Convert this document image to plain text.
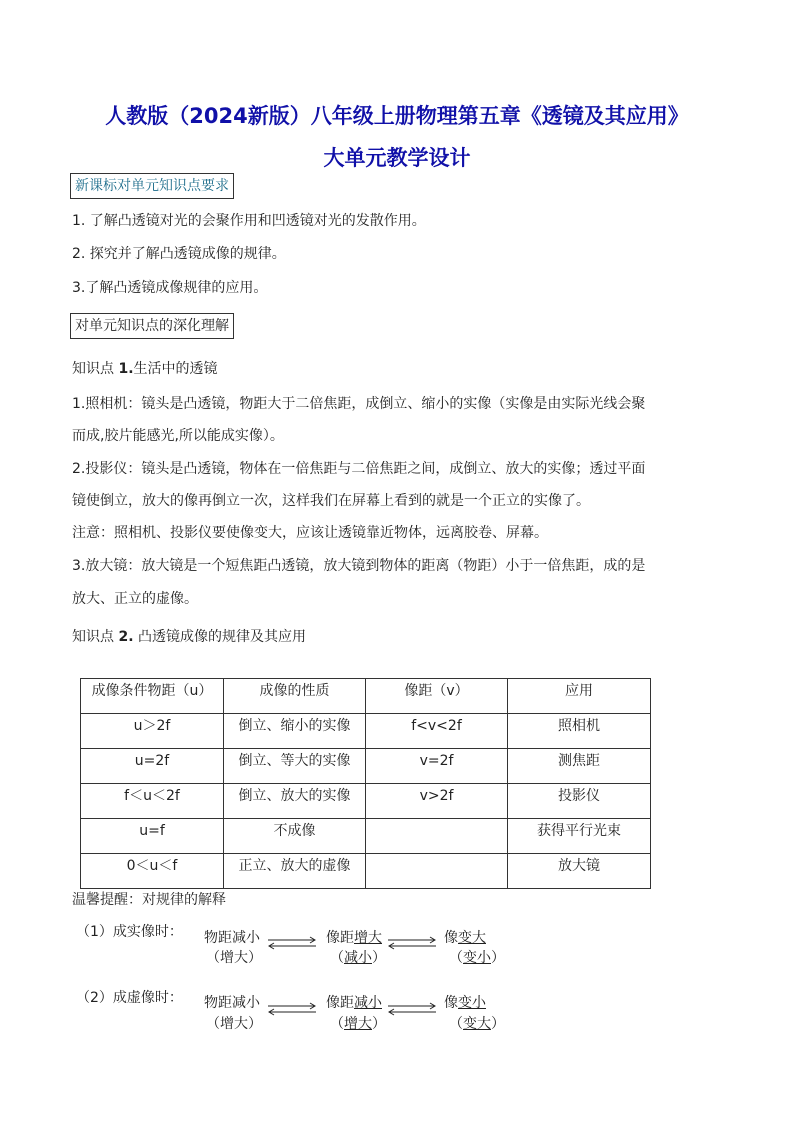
人教版（2024新版）八年级上册物理第五章《透镜及其应用》
大单元教学设计
新课标对单元知识点要求
1. 了解凸透镜对光的会聚作用和凹透镜对光的发散作用。
2. 探究并了解凸透镜成像的规律。
3.了解凸透镜成像规律的应用。
对单元知识点的深化理解
知识点 1.生活中的透镜
1.照相机：镜头是凸透镜，物距大于二倍焦距，成倒立、缩小的实像（实像是由实际光线会聚
而成,胶片能感光,所以能成实像）。
2.投影仪：镜头是凸透镜，物体在一倍焦距与二倍焦距之间，成倒立、放大的实像；透过平面
镜使倒立，放大的像再倒立一次，这样我们在屏幕上看到的就是一个正立的实像了。
注意：照相机、投影仪要使像变大，应该让透镜靠近物体，远离胶卷、屏幕。
3.放大镜：放大镜是一个短焦距凸透镜，放大镜到物体的距离（物距）小于一倍焦距，成的是
放大、正立的虚像。
知识点 2. 凸透镜成像的规律及其应用
成像条件物距（u）	成像的性质	像距（v）	应用
u＞2f	倒立、缩小的实像	f<v<2f	照相机
u=2f	倒立、等大的实像	v=2f	测焦距
f＜u＜2f	倒立、放大的实像	v>2f	投影仪
u=f	不成像		获得平行光束
0＜u＜f	正立、放大的虚像		放大镜
温馨提醒：对规律的解释
（1）成实像时： 物距减小
（增大）
像距增大
（减小）
像变大
（变小）
（2）成虚像时： 物距减小
（增大）
像距减小
（增大）
像变小
（变大）
